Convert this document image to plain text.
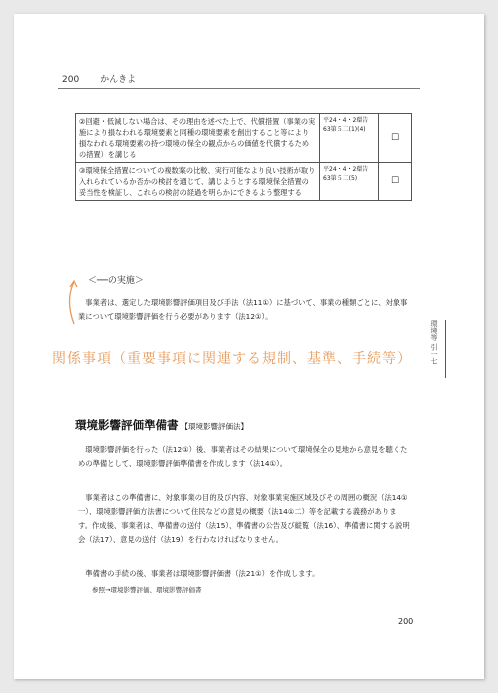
200 かんきよ
②回避・低減しない場合は、その理由を述べた上で、代償措置（事業の実施により損なわれる環境要素と同種の環境要素を創出すること等により損なわれる環境要素の持つ環境の保全の観点からの価値を代償するための措置）を講じる	平24・4・2環告63第５二(1)(4)	☐
③環境保全措置についての複数案の比較、実行可能なより良い技術が取り入れられているか否かの検討を通じて、講じようとする環境保全措置の妥当性を検証し、これらの検討の経過を明らかにできるよう整理する	平24・4・2環告63第５二(5)	☐
＜──の実施＞
事業者は、選定した環境影響評価項目及び手法（法11①）に基づいて、事業の種類ごとに、対象事業について環境影響評価を行う必要があります（法12①）。
関係事項（重要事項に関連する規制、基準、手続等）	環境等 引一七
環境影響評価準備書 【環境影響評価法】
環境影響評価を行った（法12①）後、事業者はその結果について環境保全の見地から意見を聴くための準備として、環境影響評価準備書を作成します（法14①）。
事業者はこの準備書に、対象事業の目的及び内容、対象事業実施区域及びその周囲の概況（法14①一）、環境影響評価方法書について住民などの意見の概要（法14①二）等を記載する義務があります。作成後、事業者は、準備書の送付（法15）、準備書の公告及び縦覧（法16）、準備書に関する説明会（法17）、意見の送付（法19）を行わなければなりません。
準備書の手続の後、事業者は環境影響評価書（法21①）を作成します。
参照→環境影響評価、環境影響評価書
200
